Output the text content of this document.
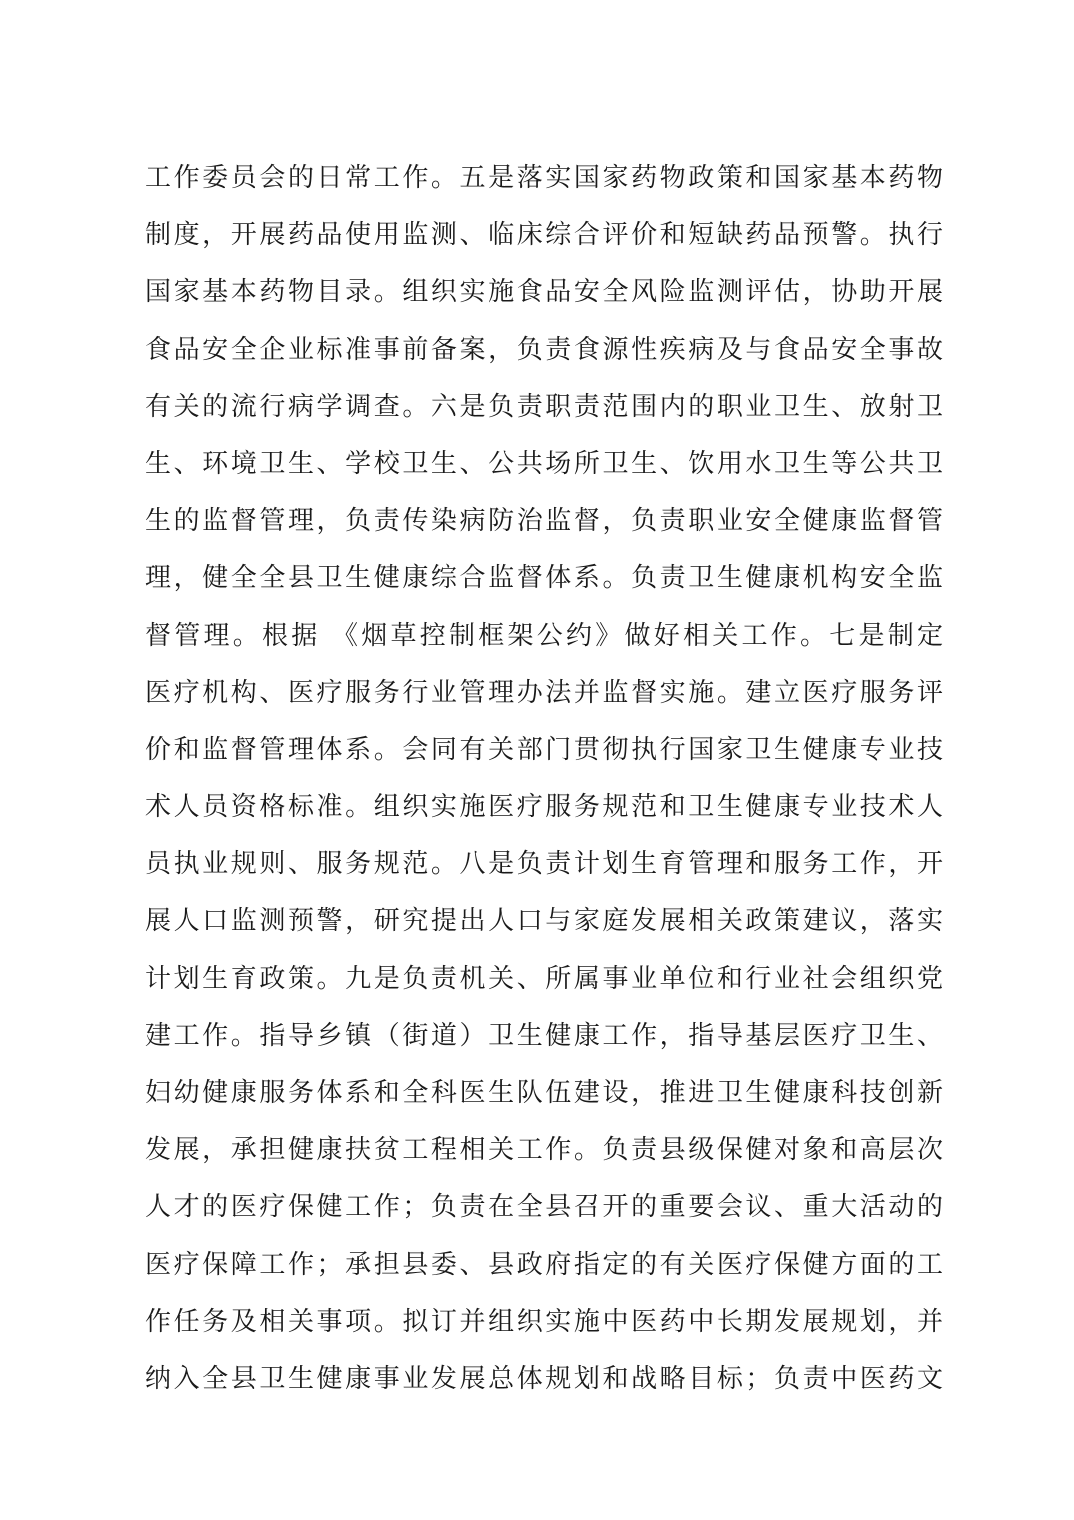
工作委员会的日常工作。五是落实国家药物政策和国家基本药物
制度，开展药品使用监测、临床综合评价和短缺药品预警。执行
国家基本药物目录。组织实施食品安全风险监测评估，协助开展
食品安全企业标准事前备案，负责食源性疾病及与食品安全事故
有关的流行病学调查。六是负责职责范围内的职业卫生、放射卫
生、环境卫生、学校卫生、公共场所卫生、饮用水卫生等公共卫
生的监督管理，负责传染病防治监督，负责职业安全健康监督管
理，健全全县卫生健康综合监督体系。负责卫生健康机构安全监
督管理。根据 《烟草控制框架公约》做好相关工作。七是制定
医疗机构、医疗服务行业管理办法并监督实施。建立医疗服务评
价和监督管理体系。会同有关部门贯彻执行国家卫生健康专业技
术人员资格标准。组织实施医疗服务规范和卫生健康专业技术人
员执业规则、服务规范。八是负责计划生育管理和服务工作，开
展人口监测预警，研究提出人口与家庭发展相关政策建议，落实
计划生育政策。九是负责机关、所属事业单位和行业社会组织党
建工作。指导乡镇（街道）卫生健康工作，指导基层医疗卫生、
妇幼健康服务体系和全科医生队伍建设，推进卫生健康科技创新
发展，承担健康扶贫工程相关工作。负责县级保健对象和高层次
人才的医疗保健工作；负责在全县召开的重要会议、重大活动的
医疗保障工作；承担县委、县政府指定的有关医疗保健方面的工
作任务及相关事项。拟订并组织实施中医药中长期发展规划，并
纳入全县卫生健康事业发展总体规划和战略目标；负责中医药文
